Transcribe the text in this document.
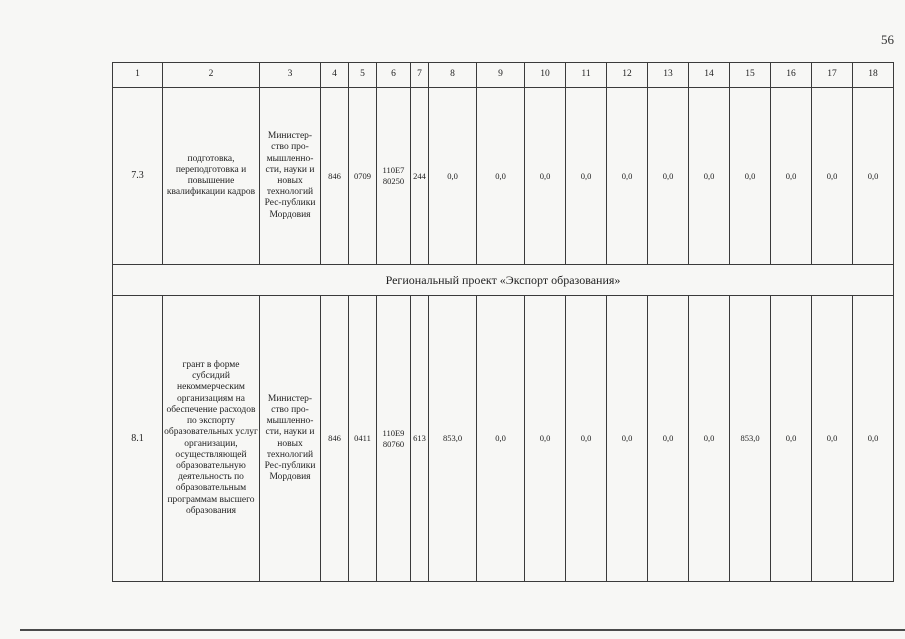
56
1	2	3	4	5	6	7	8	9	10	11	12	13	14	15	16	17	18
7.3	подготовка, переподготовка и повышение квалификации кадров	Министер-ство про-мышленно-сти, науки и новых технологий Рес-публики Мордовия	846	0709	110E7 80250	244	0,0	0,0	0,0	0,0	0,0	0,0	0,0	0,0	0,0	0,0	0,0
Региональный проект «Экспорт образования»																	
8.1	грант в форме субсидий некоммерческим организациям на обеспечение расходов по экспорту образовательных услуг организации, осуществляющей образовательную деятельность по образовательным программам высшего образования	Министер-ство про-мышленно-сти, науки и новых технологий Рес-публики Мордовия	846	0411	110E9 80760	613	853,0	0,0	0,0	0,0	0,0	0,0	0,0	853,0	0,0	0,0	0,0
